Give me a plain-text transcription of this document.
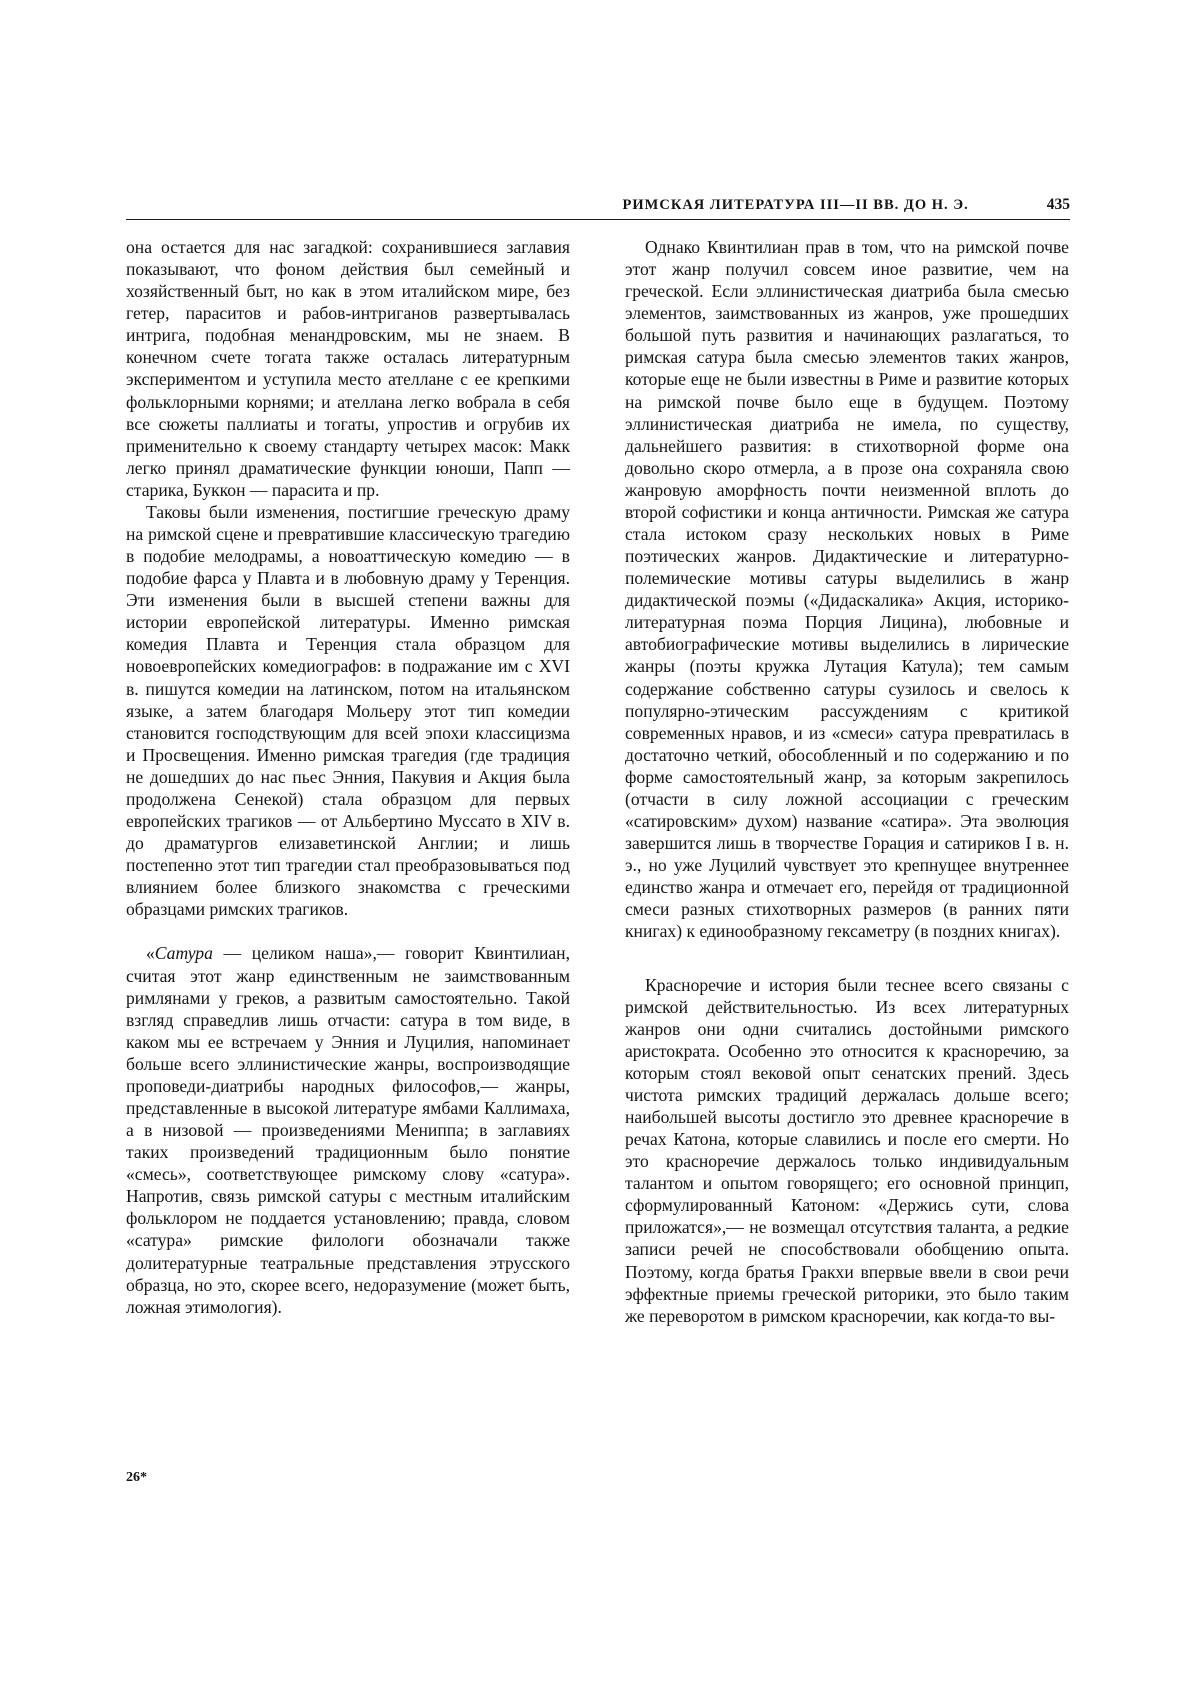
РИМСКАЯ ЛИТЕРАТУРА III—II ВВ. ДО Н. Э.	435

она остается для нас загадкой: сохранившиеся заглавия показывают, что фоном действия был семейный и хозяйственный быт, но как в этом италийском мире, без гетер, параситов и рабов-интриганов развертывалась интрига, подобная менандровским, мы не знаем. В конечном счете тогата также осталась литературным экспериментом и уступила место ателлане с ее крепкими фольклорными корнями; и ателлана легко вобрала в себя все сюжеты паллиаты и тогаты, упростив и огрубив их применительно к своему стандарту четырех масок: Макк легко принял драматические функции юноши, Папп — старика, Буккон — парасита и пр.

Таковы были изменения, постигшие греческую драму на римской сцене и превратившие классическую трагедию в подобие мелодрамы, а новоаттическую комедию — в подобие фарса у Плавта и в любовную драму у Теренция. Эти изменения были в высшей степени важны для истории европейской литературы. Именно римская комедия Плавта и Теренция стала образцом для новоевропейских комедиографов: в подражание им с XVI в. пишутся комедии на латинском, потом на итальянском языке, а затем благодаря Мольеру этот тип комедии становится господствующим для всей эпохи классицизма и Просвещения. Именно римская трагедия (где традиция не дошедших до нас пьес Энния, Пакувия и Акция была продолжена Сенекой) стала образцом для первых европейских трагиков — от Альбертино Муссато в XIV в. до драматургов елизаветинской Англии; и лишь постепенно этот тип трагедии стал преобразовываться под влиянием более близкого знакомства с греческими образцами римских трагиков.

«Сатура — целиком наша»,— говорит Квинтилиан, считая этот жанр единственным не заимствованным римлянами у греков, а развитым самостоятельно. Такой взгляд справедлив лишь отчасти: сатура в том виде, в каком мы ее встречаем у Энния и Луцилия, напоминает больше всего эллинистические жанры, воспроизводящие проповеди-диатрибы народных философов,— жанры, представленные в высокой литературе ямбами Каллимаха, а в низовой — произведениями Мениппа; в заглавиях таких произведений традиционным было понятие «смесь», соответствующее римскому слову «сатура». Напротив, связь римской сатуры с местным италийским фольклором не поддается установлению; правда, словом «сатура» римские филологи обозначали также долитературные театральные представления этрусского образца, но это, скорее всего, недоразумение (может быть, ложная этимология).

Однако Квинтилиан прав в том, что на римской почве этот жанр получил совсем иное развитие, чем на греческой. Если эллинистическая диатриба была смесью элементов, заимствованных из жанров, уже прошедших большой путь развития и начинающих разлагаться, то римская сатура была смесью элементов таких жанров, которые еще не были известны в Риме и развитие которых на римской почве было еще в будущем. Поэтому эллинистическая диатриба не имела, по существу, дальнейшего развития: в стихотворной форме она довольно скоро отмерла, а в прозе она сохраняла свою жанровую аморфность почти неизменной вплоть до второй софистики и конца античности. Римская же сатура стала истоком сразу нескольких новых в Риме поэтических жанров. Дидактические и литературно-полемические мотивы сатуры выделились в жанр дидактической поэмы («Дидаскалика» Акция, историко-литературная поэма Порция Лицина), любовные и автобиографические мотивы выделились в лирические жанры (поэты кружка Лутация Катула); тем самым содержание собственно сатуры сузилось и свелось к популярно-этическим рассуждениям с критикой современных нравов, и из «смеси» сатура превратилась в достаточно четкий, обособленный и по содержанию и по форме самостоятельный жанр, за которым закрепилось (отчасти в силу ложной ассоциации с греческим «сатировским» духом) название «сатира». Эта эволюция завершится лишь в творчестве Горация и сатириков I в. н. э., но уже Луцилий чувствует это крепнущее внутреннее единство жанра и отмечает его, перейдя от традиционной смеси разных стихотворных размеров (в ранних пяти книгах) к единообразному гексаметру (в поздних книгах).

Красноречие и история были теснее всего связаны с римской действительностью. Из всех литературных жанров они одни считались достойными римского аристократа. Особенно это относится к красноречию, за которым стоял вековой опыт сенатских прений. Здесь чистота римских традиций держалась дольше всего; наибольшей высоты достигло это древнее красноречие в речах Катона, которые славились и после его смерти. Но это красноречие держалось только индивидуальным талантом и опытом говорящего; его основной принцип, сформулированный Катоном: «Держись сути, слова приложатся»,— не возмещал отсутствия таланта, а редкие записи речей не способствовали обобщению опыта. Поэтому, когда братья Гракхи впервые ввели в свои речи эффектные приемы греческой риторики, это было таким же переворотом в римском красноречии, как когда-то вы-

26*
